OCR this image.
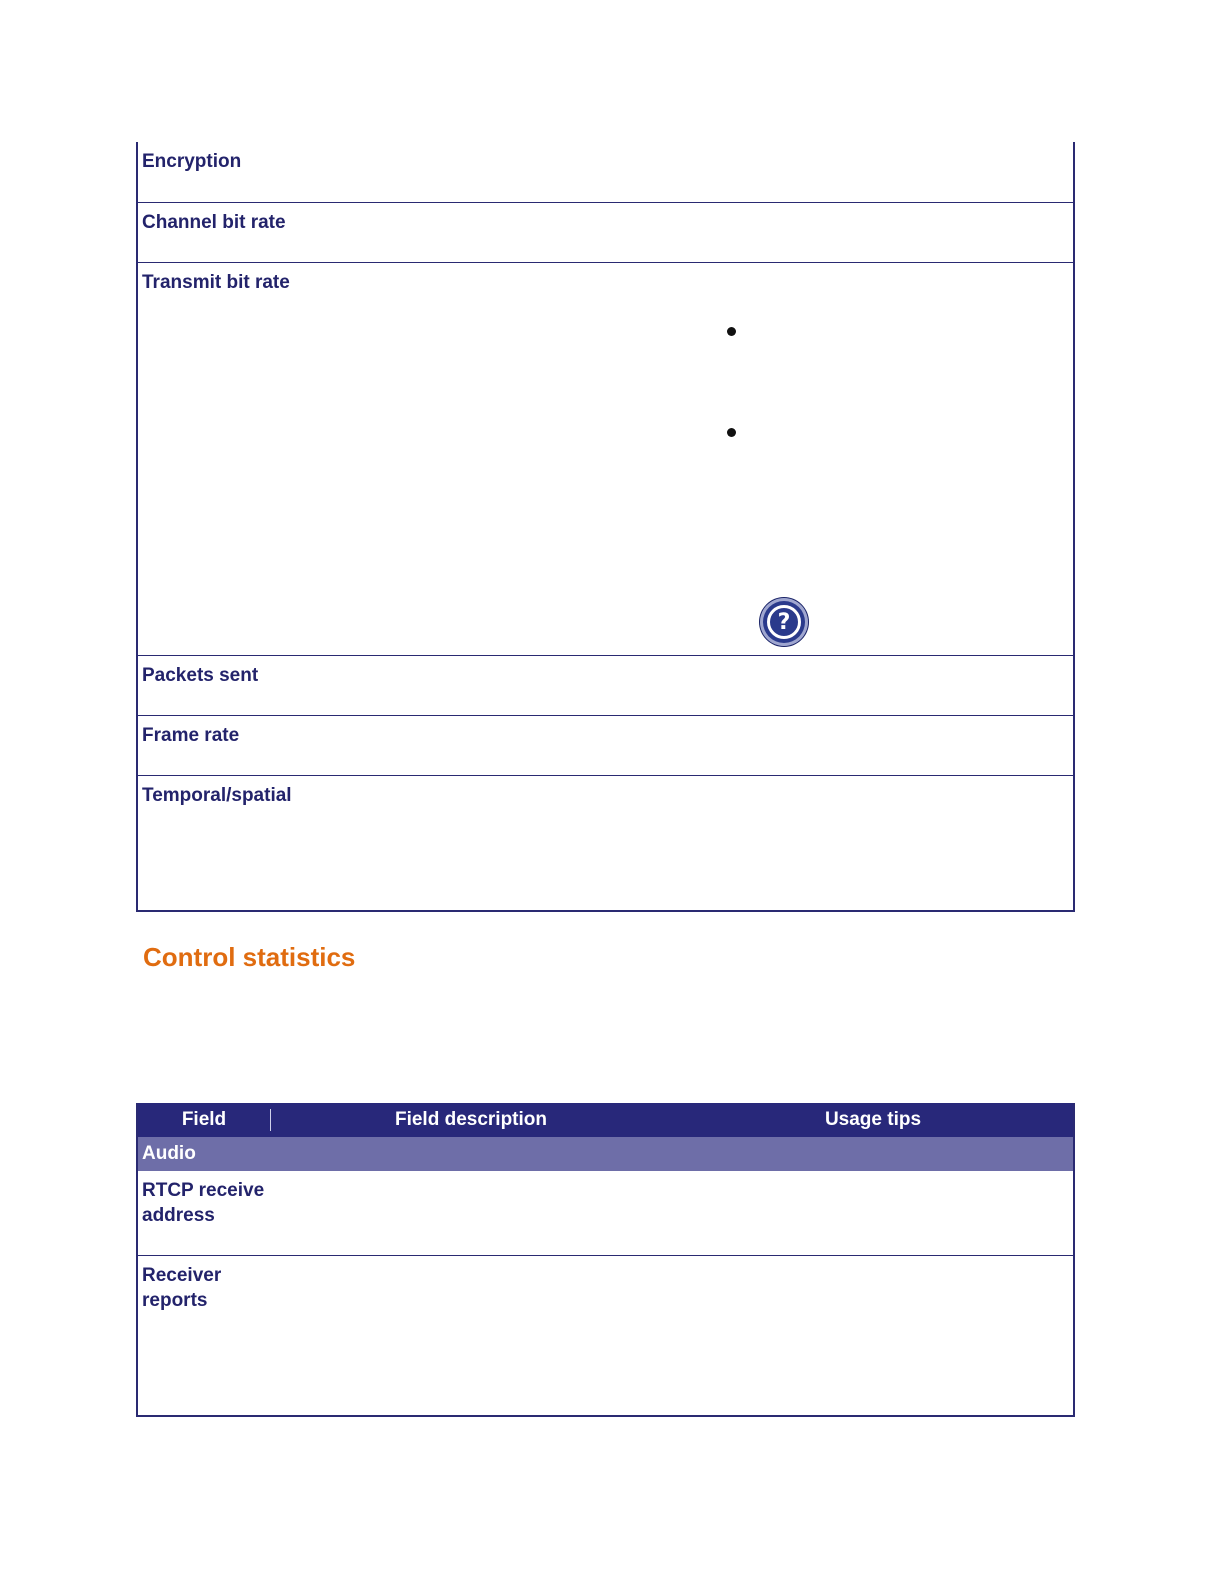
Encryption
Channel bit rate
Transmit bit rate
?
Packets sent
Frame rate
Temporal/spatial
Control statistics
Field	Field description	Usage tips
Audio
RTCP receive
address
Receiver
reports
